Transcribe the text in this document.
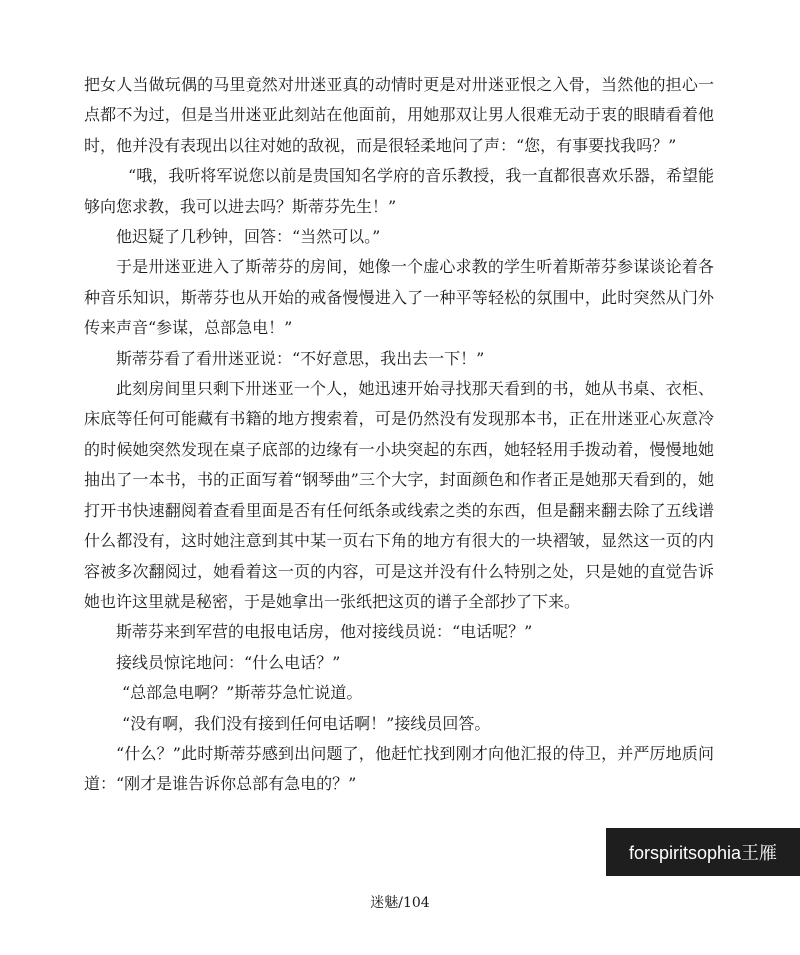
把女人当做玩偶的马里竟然对卅迷亚真的动情时更是对卅迷亚恨之入骨，当然他的担心一点都不为过，但是当卅迷亚此刻站在他面前，用她那双让男人很难无动于衷的眼睛看着他时，他并没有表现出以往对她的敌视，而是很轻柔地问了声：“您，有事要找我吗？”

“哦，我听将军说您以前是贵国知名学府的音乐教授，我一直都很喜欢乐器，希望能够向您求教，我可以进去吗？斯蒂芬先生！”

他迟疑了几秒钟，回答：“当然可以。”

于是卅迷亚进入了斯蒂芬的房间，她像一个虚心求教的学生听着斯蒂芬参谋谈论着各种音乐知识，斯蒂芬也从开始的戒备慢慢进入了一种平等轻松的氛围中，此时突然从门外传来声音“参谋，总部急电！”

斯蒂芬看了看卅迷亚说：“不好意思，我出去一下！”

此刻房间里只剩下卅迷亚一个人，她迅速开始寻找那天看到的书，她从书桌、衣柜、床底等任何可能藏有书籍的地方搜索着，可是仍然没有发现那本书，正在卅迷亚心灰意冷的时候她突然发现在桌子底部的边缘有一小块突起的东西，她轻轻用手拨动着，慢慢地她抽出了一本书，书的正面写着“钢琴曲”三个大字，封面颜色和作者正是她那天看到的，她打开书快速翻阅着查看里面是否有任何纸条或线索之类的东西，但是翻来翻去除了五线谱什么都没有，这时她注意到其中某一页右下角的地方有很大的一块褶皱，显然这一页的内容被多次翻阅过，她看着这一页的内容，可是这并没有什么特别之处，只是她的直觉告诉她也许这里就是秘密，于是她拿出一张纸把这页的谱子全部抄了下来。

斯蒂芬来到军营的电报电话房，他对接线员说：“电话呢？”

接线员惊诧地问：“什么电话？”

“总部急电啊？”斯蒂芬急忙说道。

“没有啊，我们没有接到任何电话啊！”接线员回答。

“什么？”此时斯蒂芬感到出问题了，他赶忙找到刚才向他汇报的侍卫，并严厉地质问道：“刚才是谁告诉你总部有急电的？”

forspiritsophia王雁
迷魅/104
